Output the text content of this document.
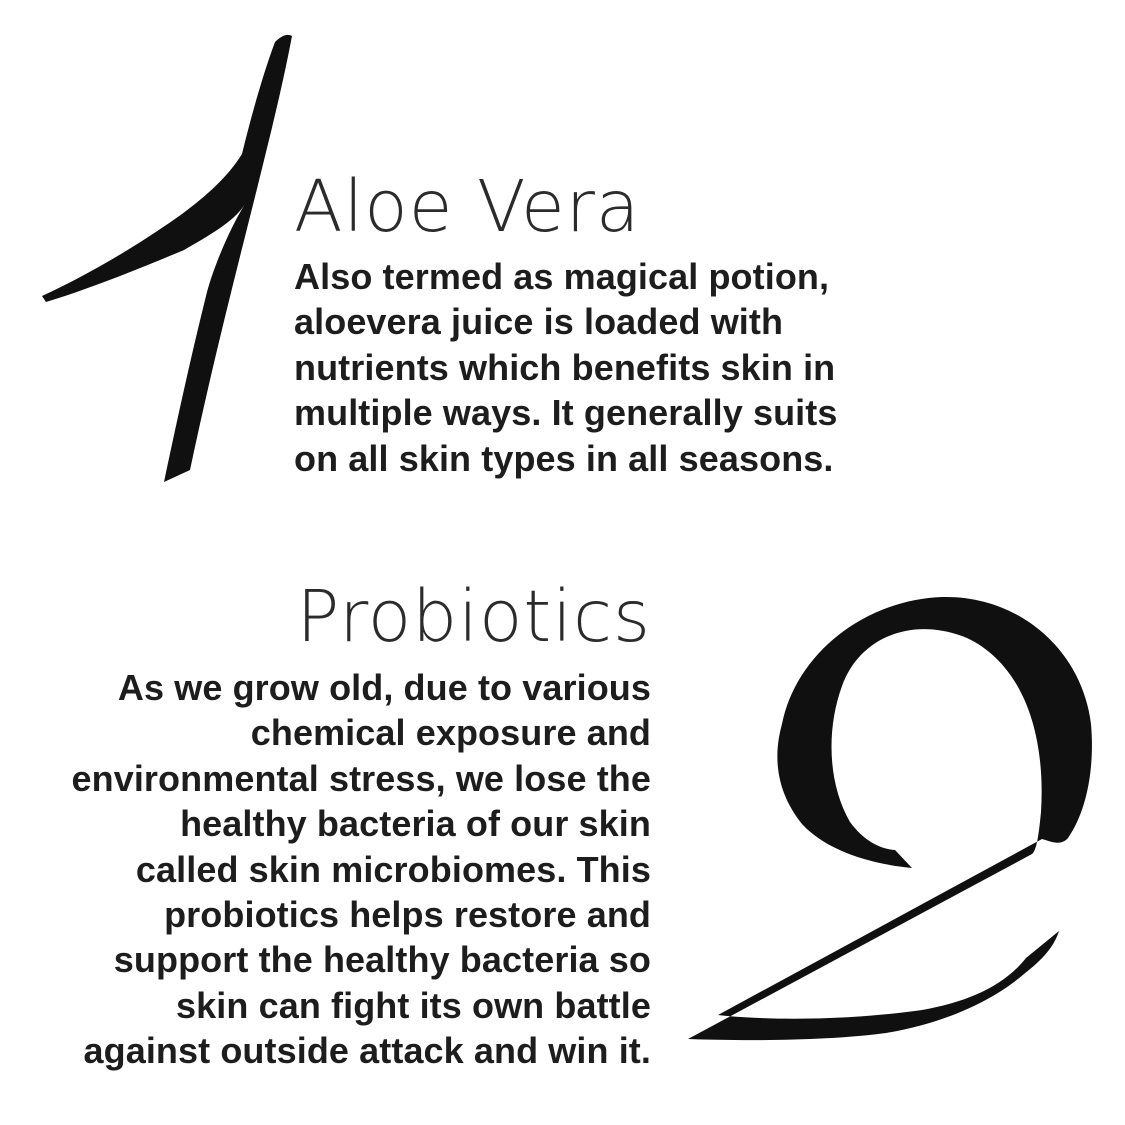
Aloe Vera
Also termed as magical potion,
aloevera juice is loaded with
nutrients which benefits skin in
multiple ways. It generally suits
on all skin types in all seasons.
Probiotics
As we grow old, due to various
chemical exposure and
environmental stress, we lose the
healthy bacteria of our skin
called skin microbiomes. This
probiotics helps restore and
support the healthy bacteria so
skin can fight its own battle
against outside attack and win it.
